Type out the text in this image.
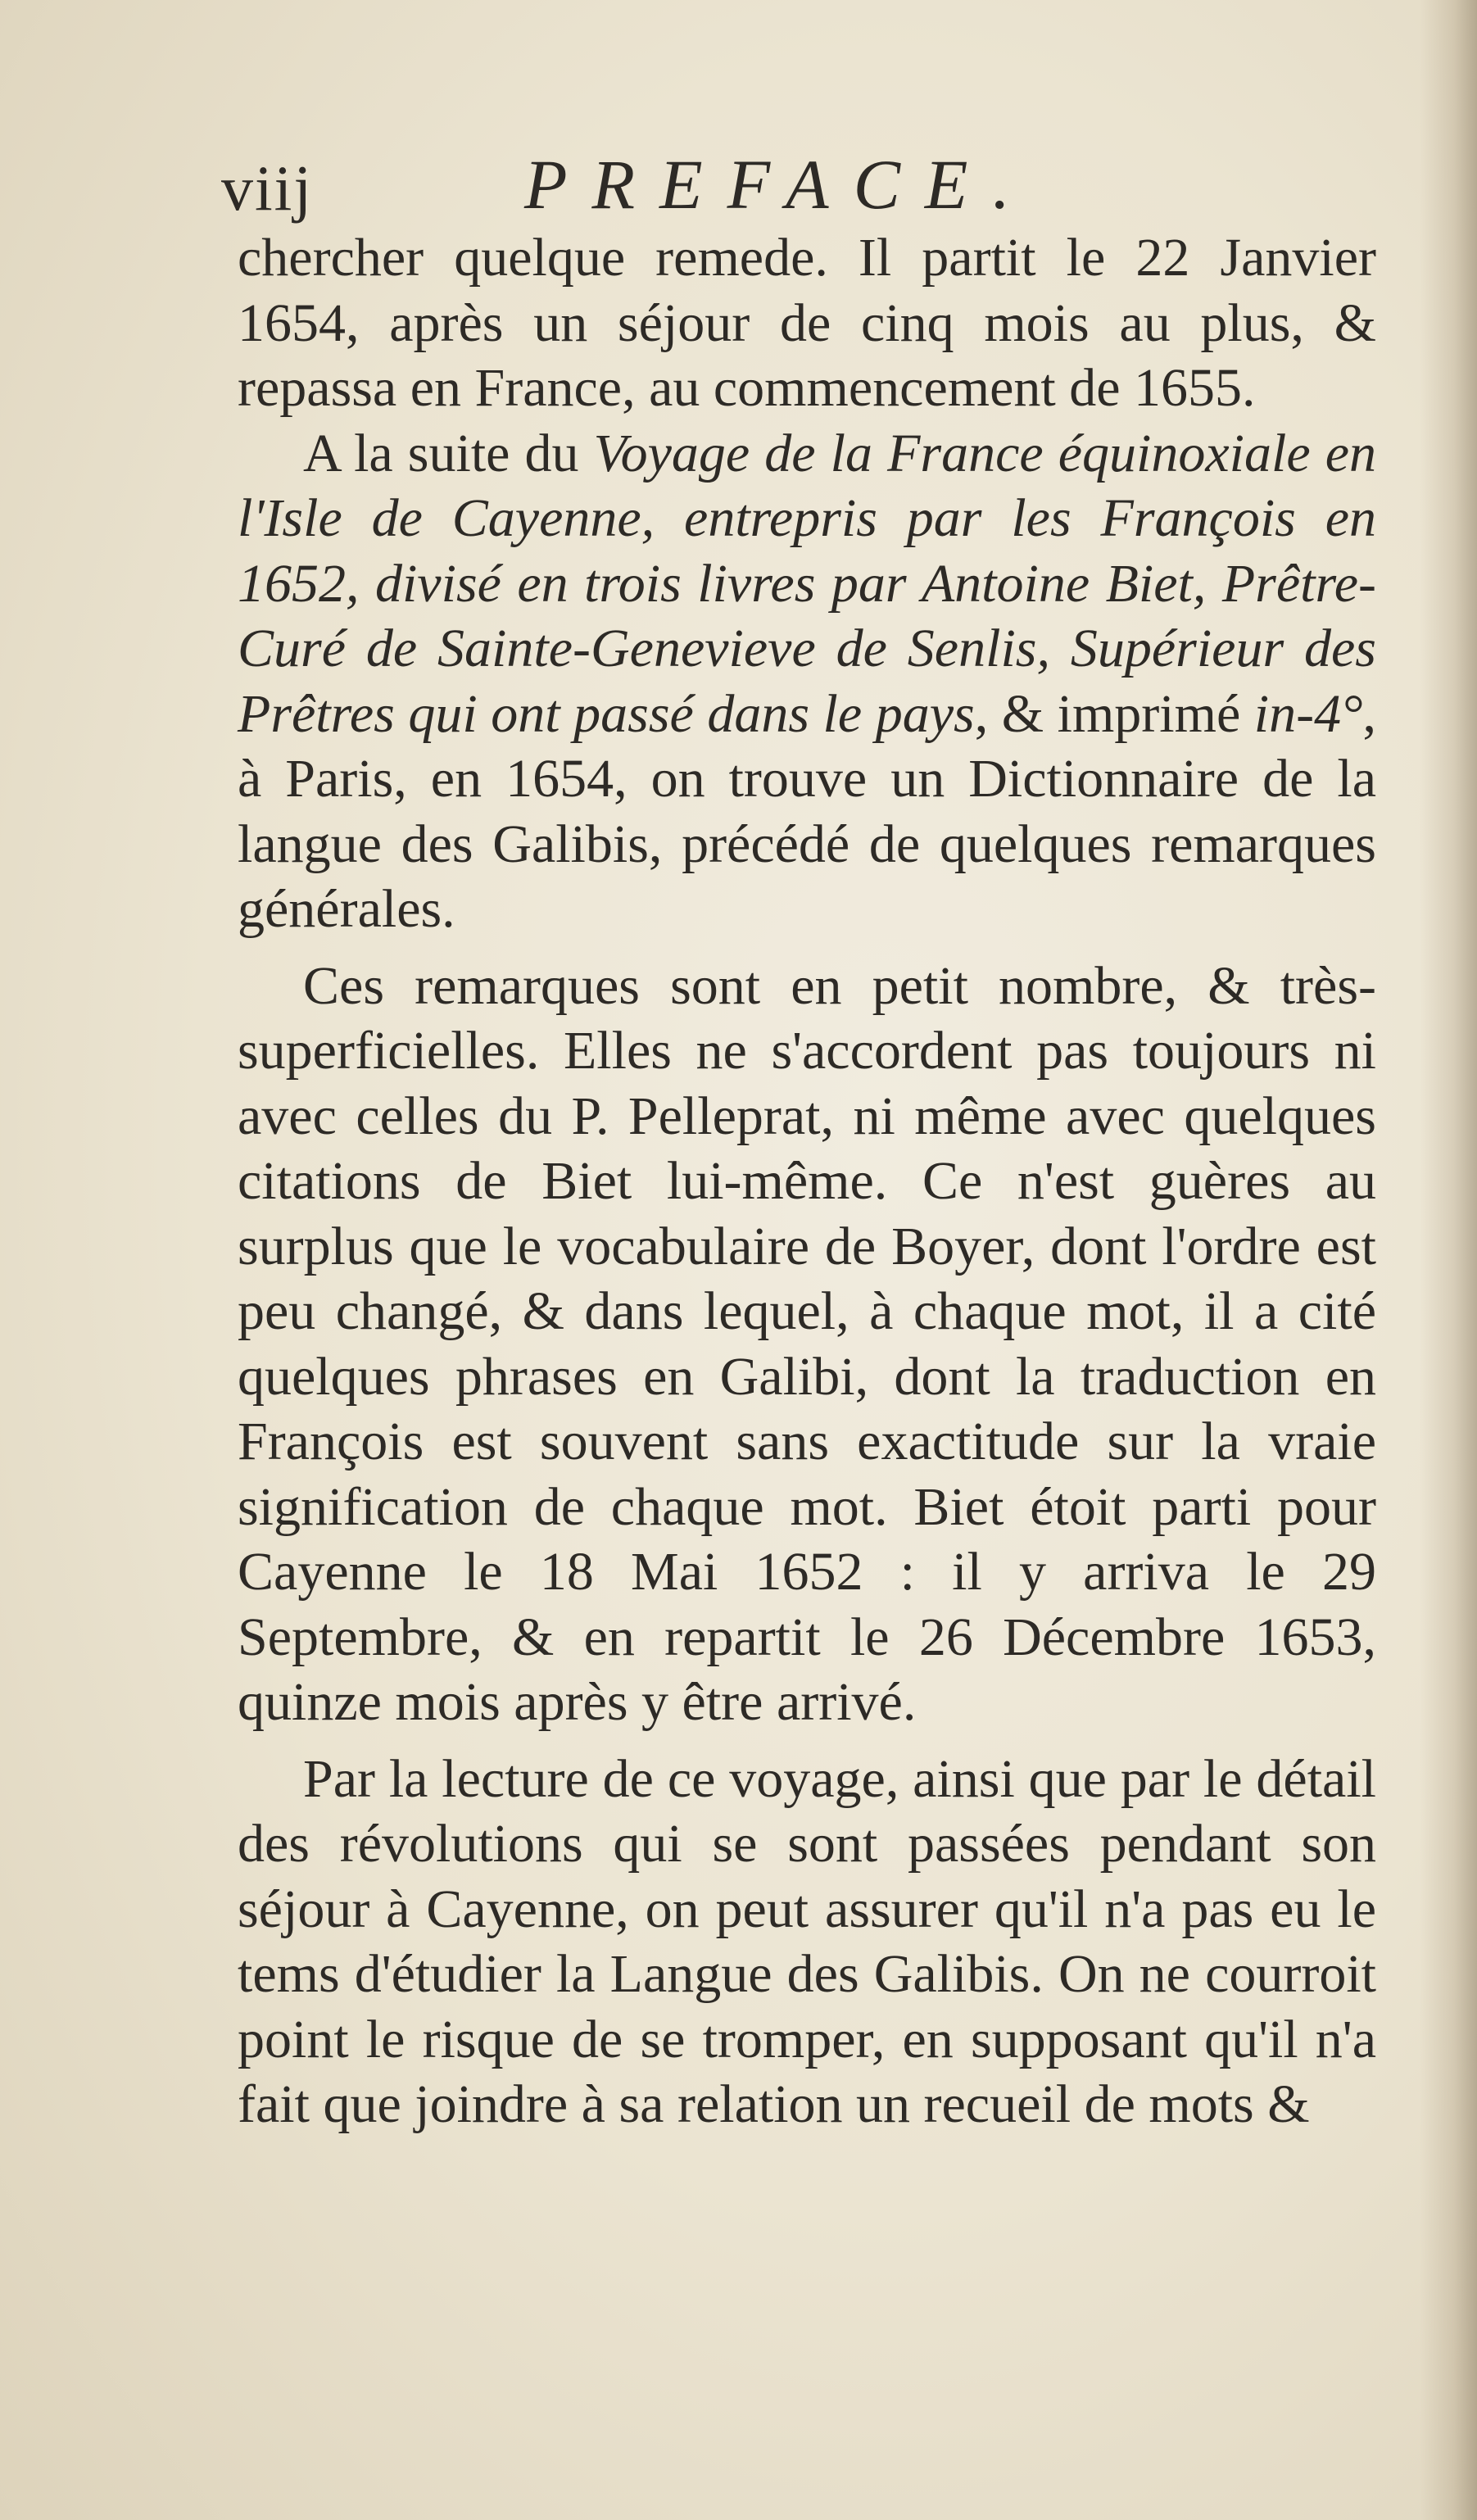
viij	PREFACE.

chercher quelque remede. Il partit le 22 Janvier 1654, après un séjour de cinq mois au plus, & repassa en France, au commencement de 1655.

A la suite du Voyage de la France équinoxiale en l'Isle de Cayenne, entrepris par les François en 1652, divisé en trois livres par Antoine Biet, Prêtre-Curé de Sainte-Genevieve de Senlis, Supérieur des Prêtres qui ont passé dans le pays, & imprimé in-4°, à Paris, en 1654, on trouve un Dictionnaire de la langue des Galibis, précédé de quelques remarques générales.

Ces remarques sont en petit nombre, & très-superficielles. Elles ne s'accordent pas toujours ni avec celles du P. Pelleprat, ni même avec quelques citations de Biet lui-même. Ce n'est guères au surplus que le vocabulaire de Boyer, dont l'ordre est peu changé, & dans lequel, à chaque mot, il a cité quelques phrases en Galibi, dont la traduction en François est souvent sans exactitude sur la vraie signification de chaque mot. Biet étoit parti pour Cayenne le 18 Mai 1652 : il y arriva le 29 Septembre, & en repartit le 26 Décembre 1653, quinze mois après y être arrivé.

Par la lecture de ce voyage, ainsi que par le détail des révolutions qui se sont passées pendant son séjour à Cayenne, on peut assurer qu'il n'a pas eu le tems d'étudier la Langue des Galibis. On ne courroit point le risque de se tromper, en supposant qu'il n'a fait que joindre à sa relation un recueil de mots &
